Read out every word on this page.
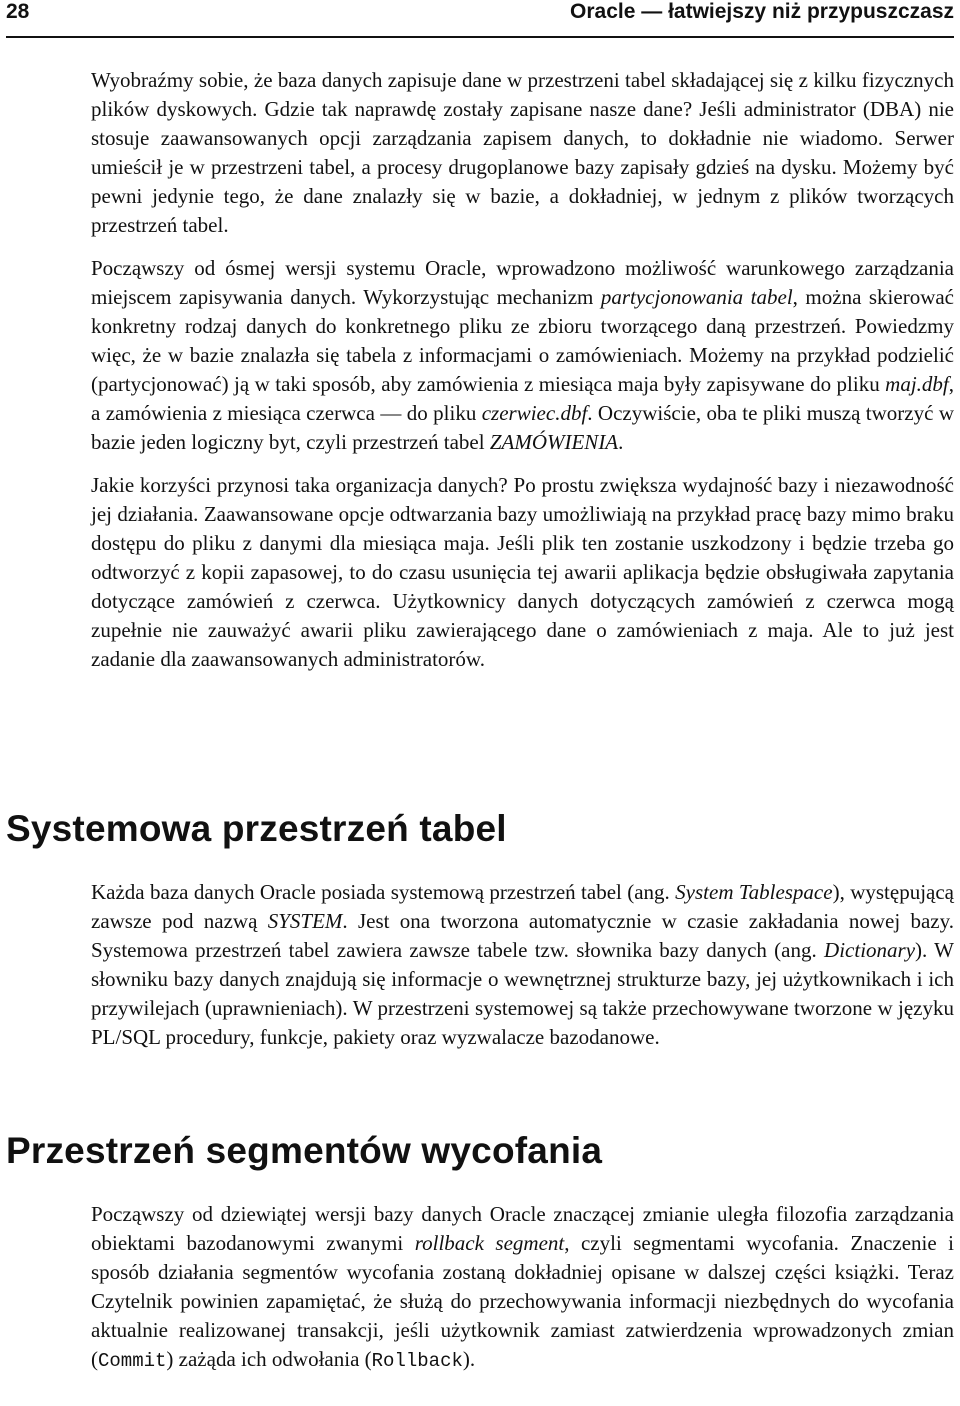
28	Oracle — łatwiejszy niż przypuszczasz

Wyobraźmy sobie, że baza danych zapisuje dane w przestrzeni tabel składającej się z kilku fizycznych plików dyskowych. Gdzie tak naprawdę zostały zapisane nasze dane? Jeśli administrator (DBA) nie stosuje zaawansowanych opcji zarządzania zapisem danych, to dokładnie nie wiadomo. Serwer umieścił je w przestrzeni tabel, a procesy drugoplanowe bazy zapisały gdzieś na dysku. Możemy być pewni jedynie tego, że dane znalazły się w bazie, a dokładniej, w jednym z plików tworzących przestrzeń tabel.

Począwszy od ósmej wersji systemu Oracle, wprowadzono możliwość warunkowego zarządzania miejscem zapisywania danych. Wykorzystując mechanizm partycjonowania tabel, można skierować konkretny rodzaj danych do konkretnego pliku ze zbioru tworzącego daną przestrzeń. Powiedzmy więc, że w bazie znalazła się tabela z informacjami o zamówieniach. Możemy na przykład podzielić (partycjonować) ją w taki sposób, aby zamówienia z miesiąca maja były zapisywane do pliku maj.dbf, a zamówienia z miesiąca czerwca — do pliku czerwiec.dbf. Oczywiście, oba te pliki muszą tworzyć w bazie jeden logiczny byt, czyli przestrzeń tabel ZAMÓWIENIA.

Jakie korzyści przynosi taka organizacja danych? Po prostu zwiększa wydajność bazy i niezawodność jej działania. Zaawansowane opcje odtwarzania bazy umożliwiają na przykład pracę bazy mimo braku dostępu do pliku z danymi dla miesiąca maja. Jeśli plik ten zostanie uszkodzony i będzie trzeba go odtworzyć z kopii zapasowej, to do czasu usunięcia tej awarii aplikacja będzie obsługiwała zapytania dotyczące zamówień z czerwca. Użytkownicy danych dotyczących zamówień z czerwca mogą zupełnie nie zauważyć awarii pliku zawierającego dane o zamówieniach z maja. Ale to już jest zadanie dla zaawansowanych administratorów.

Systemowa przestrzeń tabel

Każda baza danych Oracle posiada systemową przestrzeń tabel (ang. System Tablespace), występującą zawsze pod nazwą SYSTEM. Jest ona tworzona automatycznie w czasie zakładania nowej bazy. Systemowa przestrzeń tabel zawiera zawsze tabele tzw. słownika bazy danych (ang. Dictionary). W słowniku bazy danych znajdują się informacje o wewnętrznej strukturze bazy, jej użytkownikach i ich przywilejach (uprawnieniach). W przestrzeni systemowej są także przechowywane tworzone w języku PL/SQL procedury, funkcje, pakiety oraz wyzwalacze bazodanowe.

Przestrzeń segmentów wycofania

Począwszy od dziewiątej wersji bazy danych Oracle znaczącej zmianie uległa filozofia zarządzania obiektami bazodanowymi zwanymi rollback segment, czyli segmentami wycofania. Znaczenie i sposób działania segmentów wycofania zostaną dokładniej opisane w dalszej części książki. Teraz Czytelnik powinien zapamiętać, że służą do przechowywania informacji niezbędnych do wycofania aktualnie realizowanej transakcji, jeśli użytkownik zamiast zatwierdzenia wprowadzonych zmian (Commit) zażąda ich odwołania (Rollback).
